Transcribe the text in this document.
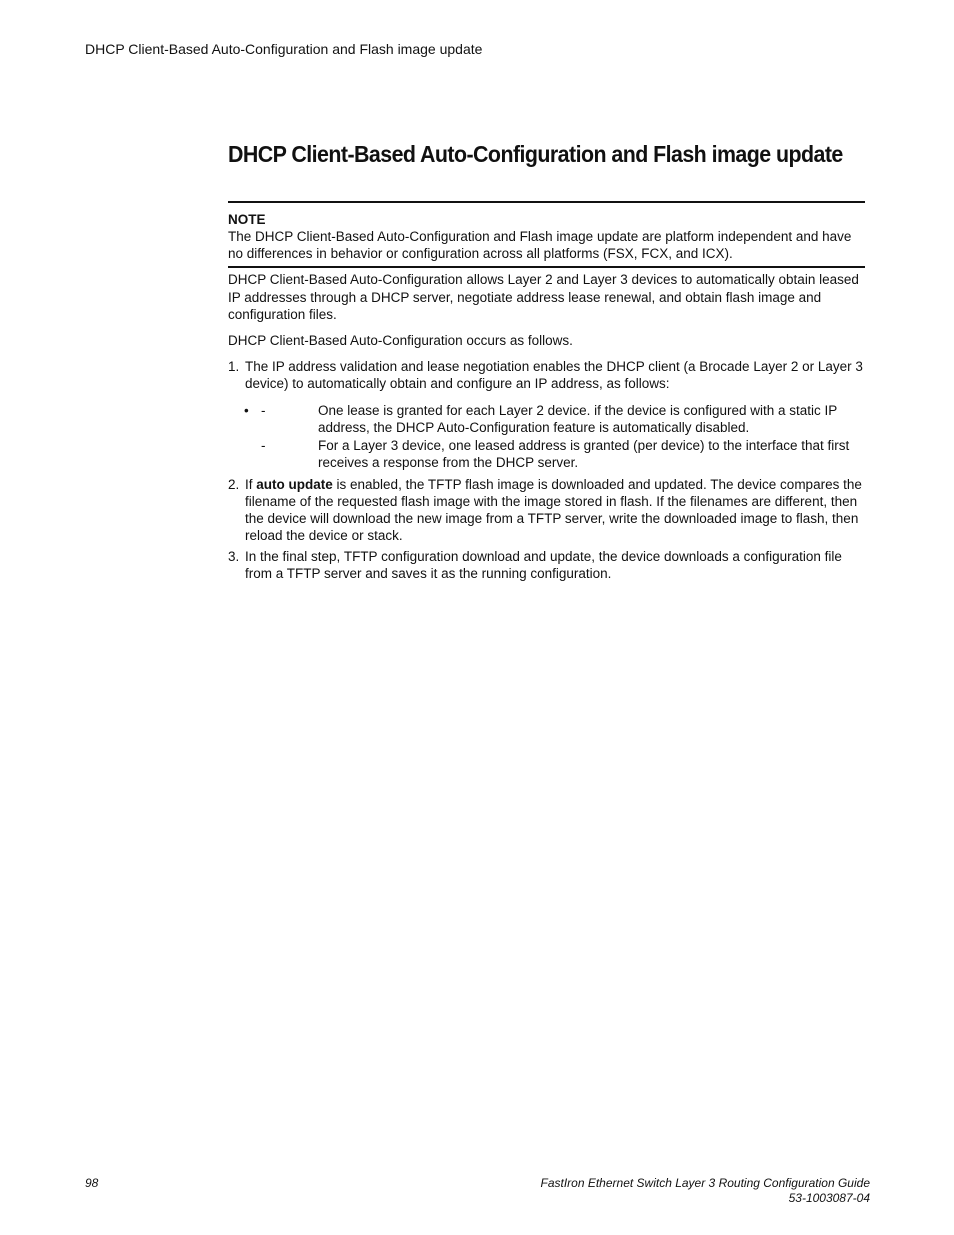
DHCP Client-Based Auto-Configuration and Flash image update
DHCP Client-Based Auto-Configuration and Flash image update
NOTE
The DHCP Client-Based Auto-Configuration and Flash image update are platform independent and have no differences in behavior or configuration across all platforms (FSX, FCX, and ICX).
DHCP Client-Based Auto-Configuration allows Layer 2 and Layer 3 devices to automatically obtain leased IP addresses through a DHCP server, negotiate address lease renewal, and obtain flash image and configuration files.
DHCP Client-Based Auto-Configuration occurs as follows.
1. The IP address validation and lease negotiation enables the DHCP client (a Brocade Layer 2 or Layer 3 device) to automatically obtain and configure an IP address, as follows:
• -	One lease is granted for each Layer 2 device. if the device is configured with a static IP address, the DHCP Auto-Configuration feature is automatically disabled.
-	For a Layer 3 device, one leased address is granted (per device) to the interface that first receives a response from the DHCP server.
2. If auto update is enabled, the TFTP flash image is downloaded and updated. The device compares the filename of the requested flash image with the image stored in flash. If the filenames are different, then the device will download the new image from a TFTP server, write the downloaded image to flash, then reload the device or stack.
3. In the final step, TFTP configuration download and update, the device downloads a configuration file from a TFTP server and saves it as the running configuration.
98	FastIron Ethernet Switch Layer 3 Routing Configuration Guide
53-1003087-04
